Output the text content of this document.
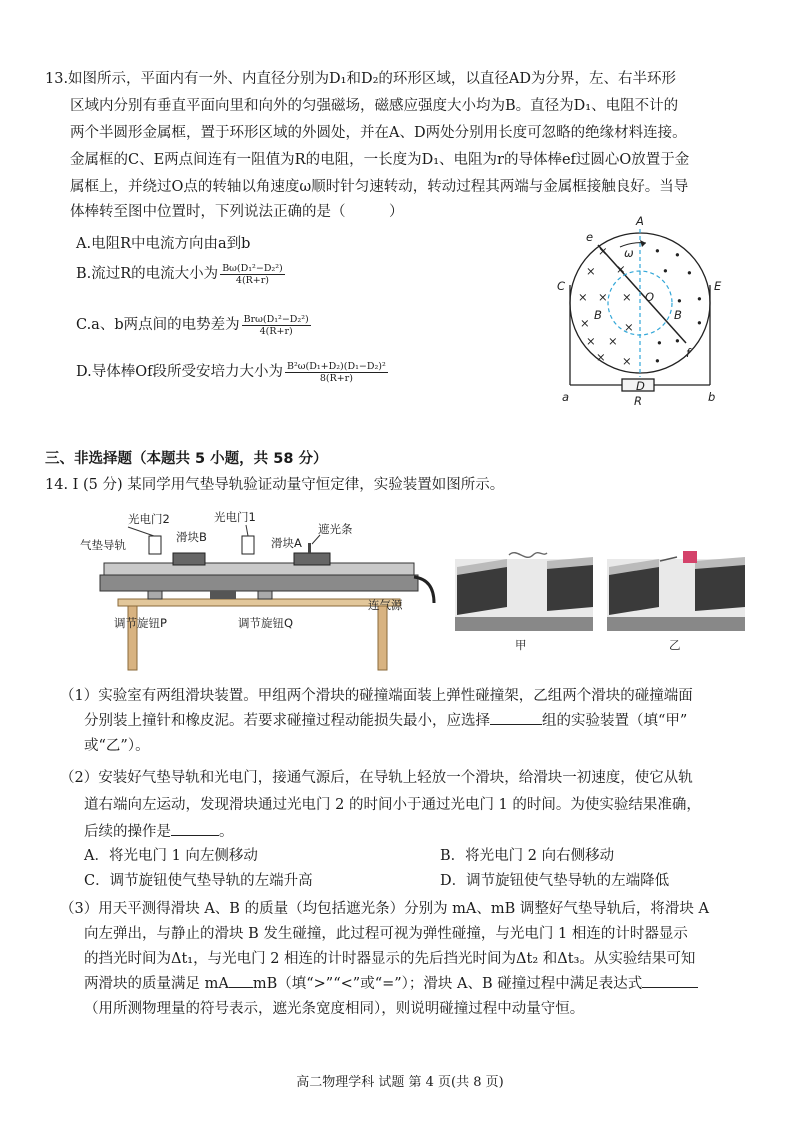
13.如图所示，平面内有一外、内直径分别为D₁和D₂的环形区域，以直径AD为分界，左、右半环形
区域内分别有垂直平面向里和向外的匀强磁场，磁感应强度大小均为B。直径为D₁、电阻不计的
两个半圆形金属框，置于环形区域的外圆处，并在A、D两处分别用长度可忽略的绝缘材料连接。
金属框的C、E两点间连有一阻值为R的电阻，一长度为D₁、电阻为r的导体棒ef过圆心O放置于金
属框上，并绕过O点的转轴以角速度ω顺时针匀速转动，转动过程其两端与金属框接触良好。当导
体棒转至图中位置时，下列说法正确的是（　　　）
A.电阻R中电流方向由a到b
B.流过R的电流大小为 $\frac{\text{Bω(D₁²−D₂²)}}{4(R+r)}$
C.a、b两点间的电势差为 $\frac{\text{Brω(D₁²−D₂²)}}{4(R+r)}$
D.导体棒Of段所受安培力大小为 $\frac{\text{B²ω(D₁+D₂)(D₁−D₂)²}}{8(R+r)}$
×
× ×
× × ×
×
× ×
× ×
×
• •
• •
•
•
•
• •
•
A
D
C	E
O
B	B
e
f
ω
a	b
R
三、非选择题（本题共 5 小题，共 58 分）
14. I (5 分) 某同学用气垫导轨验证动量守恒定律，实验装置如图所示。
光电门2	光电门1
滑块B	滑块A
遮光条
气垫导轨
调节旋钮P	调节旋钮Q
连气源
甲	乙
（1）实验室有两组滑块装置。甲组两个滑块的碰撞端面装上弹性碰撞架，乙组两个滑块的碰撞端面
分别装上撞针和橡皮泥。若要求碰撞过程动能损失最小，应选择	组的实验装置（填“甲”
或“乙”）。
（2）安装好气垫导轨和光电门，接通气源后，在导轨上轻放一个滑块，给滑块一初速度，使它从轨
道右端向左运动，发现滑块通过光电门 2 的时间小于通过光电门 1 的时间。为使实验结果准确，
后续的操作是	。
A．将光电门 1 向左侧移动	B．将光电门 2 向右侧移动
C．调节旋钮使气垫导轨的左端升高	D．调节旋钮使气垫导轨的左端降低
（3）用天平测得滑块 A、B 的质量（均包括遮光条）分别为 mA、mB 调整好气垫导轨后，将滑块 A
向左弹出，与静止的滑块 B 发生碰撞，此过程可视为弹性碰撞，与光电门 1 相连的计时器显示
的挡光时间为Δt₁，与光电门 2 相连的计时器显示的先后挡光时间为Δt₂ 和Δt₃。从实验结果可知
两滑块的质量满足 mA mB（填“>”“<”或“=”）；滑块 A、B 碰撞过程中满足表达式
（用所测物理量的符号表示，遮光条宽度相同），则说明碰撞过程中动量守恒。
高二物理学科 试题 第 4 页(共 8 页)
